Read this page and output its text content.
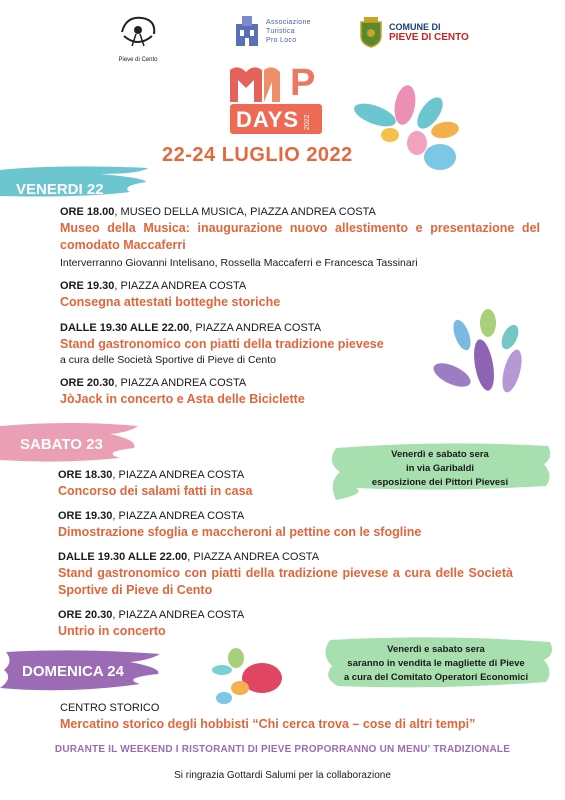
Pieve di Cento
Associazione
Turistica
Pro Loco
COMUNE DI
PIEVE DI CENTO
P
DAYS 2022
22-24 LUGLIO 2022
VENERDI 22
ORE 18.00, MUSEO DELLA MUSICA, PIAZZA ANDREA COSTA
Museo della Musica: inaugurazione nuovo allestimento e presentazione del comodato Maccaferri
Interverranno Giovanni Intelisano, Rossella Maccaferri e Francesca Tassinari
ORE 19.30, PIAZZA ANDREA COSTA
Consegna attestati botteghe storiche
DALLE 19.30 ALLE 22.00, PIAZZA ANDREA COSTA
Stand gastronomico con piatti della tradizione pievese
a cura delle Società Sportive di Pieve di Cento
ORE 20.30, PIAZZA ANDREA COSTA
JòJack in concerto e Asta delle Biciclette
SABATO 23
Venerdì e sabato sera
in via Garibaldi
esposizione dei Pittori Pievesi
ORE 18.30, PIAZZA ANDREA COSTA
Concorso dei salami fatti in casa
ORE 19.30, PIAZZA ANDREA COSTA
Dimostrazione sfoglia e maccheroni al pettine con le sfogline
DALLE 19.30 ALLE 22.00, PIAZZA ANDREA COSTA
Stand gastronomico con piatti della tradizione pievese a cura delle Società Sportive di Pieve di Cento
ORE 20.30, PIAZZA ANDREA COSTA
Untrio in concerto
DOMENICA 24
Venerdì e sabato sera
saranno in vendita le magliette di Pieve
a cura del Comitato Operatori Economici
CENTRO STORICO
Mercatino storico degli hobbisti “Chi cerca trova – cose di altri tempi”
DURANTE IL WEEKEND I RISTORANTI DI PIEVE PROPORRANNO UN MENU' TRADIZIONALE
Si ringrazia Gottardi Salumi per la collaborazione
